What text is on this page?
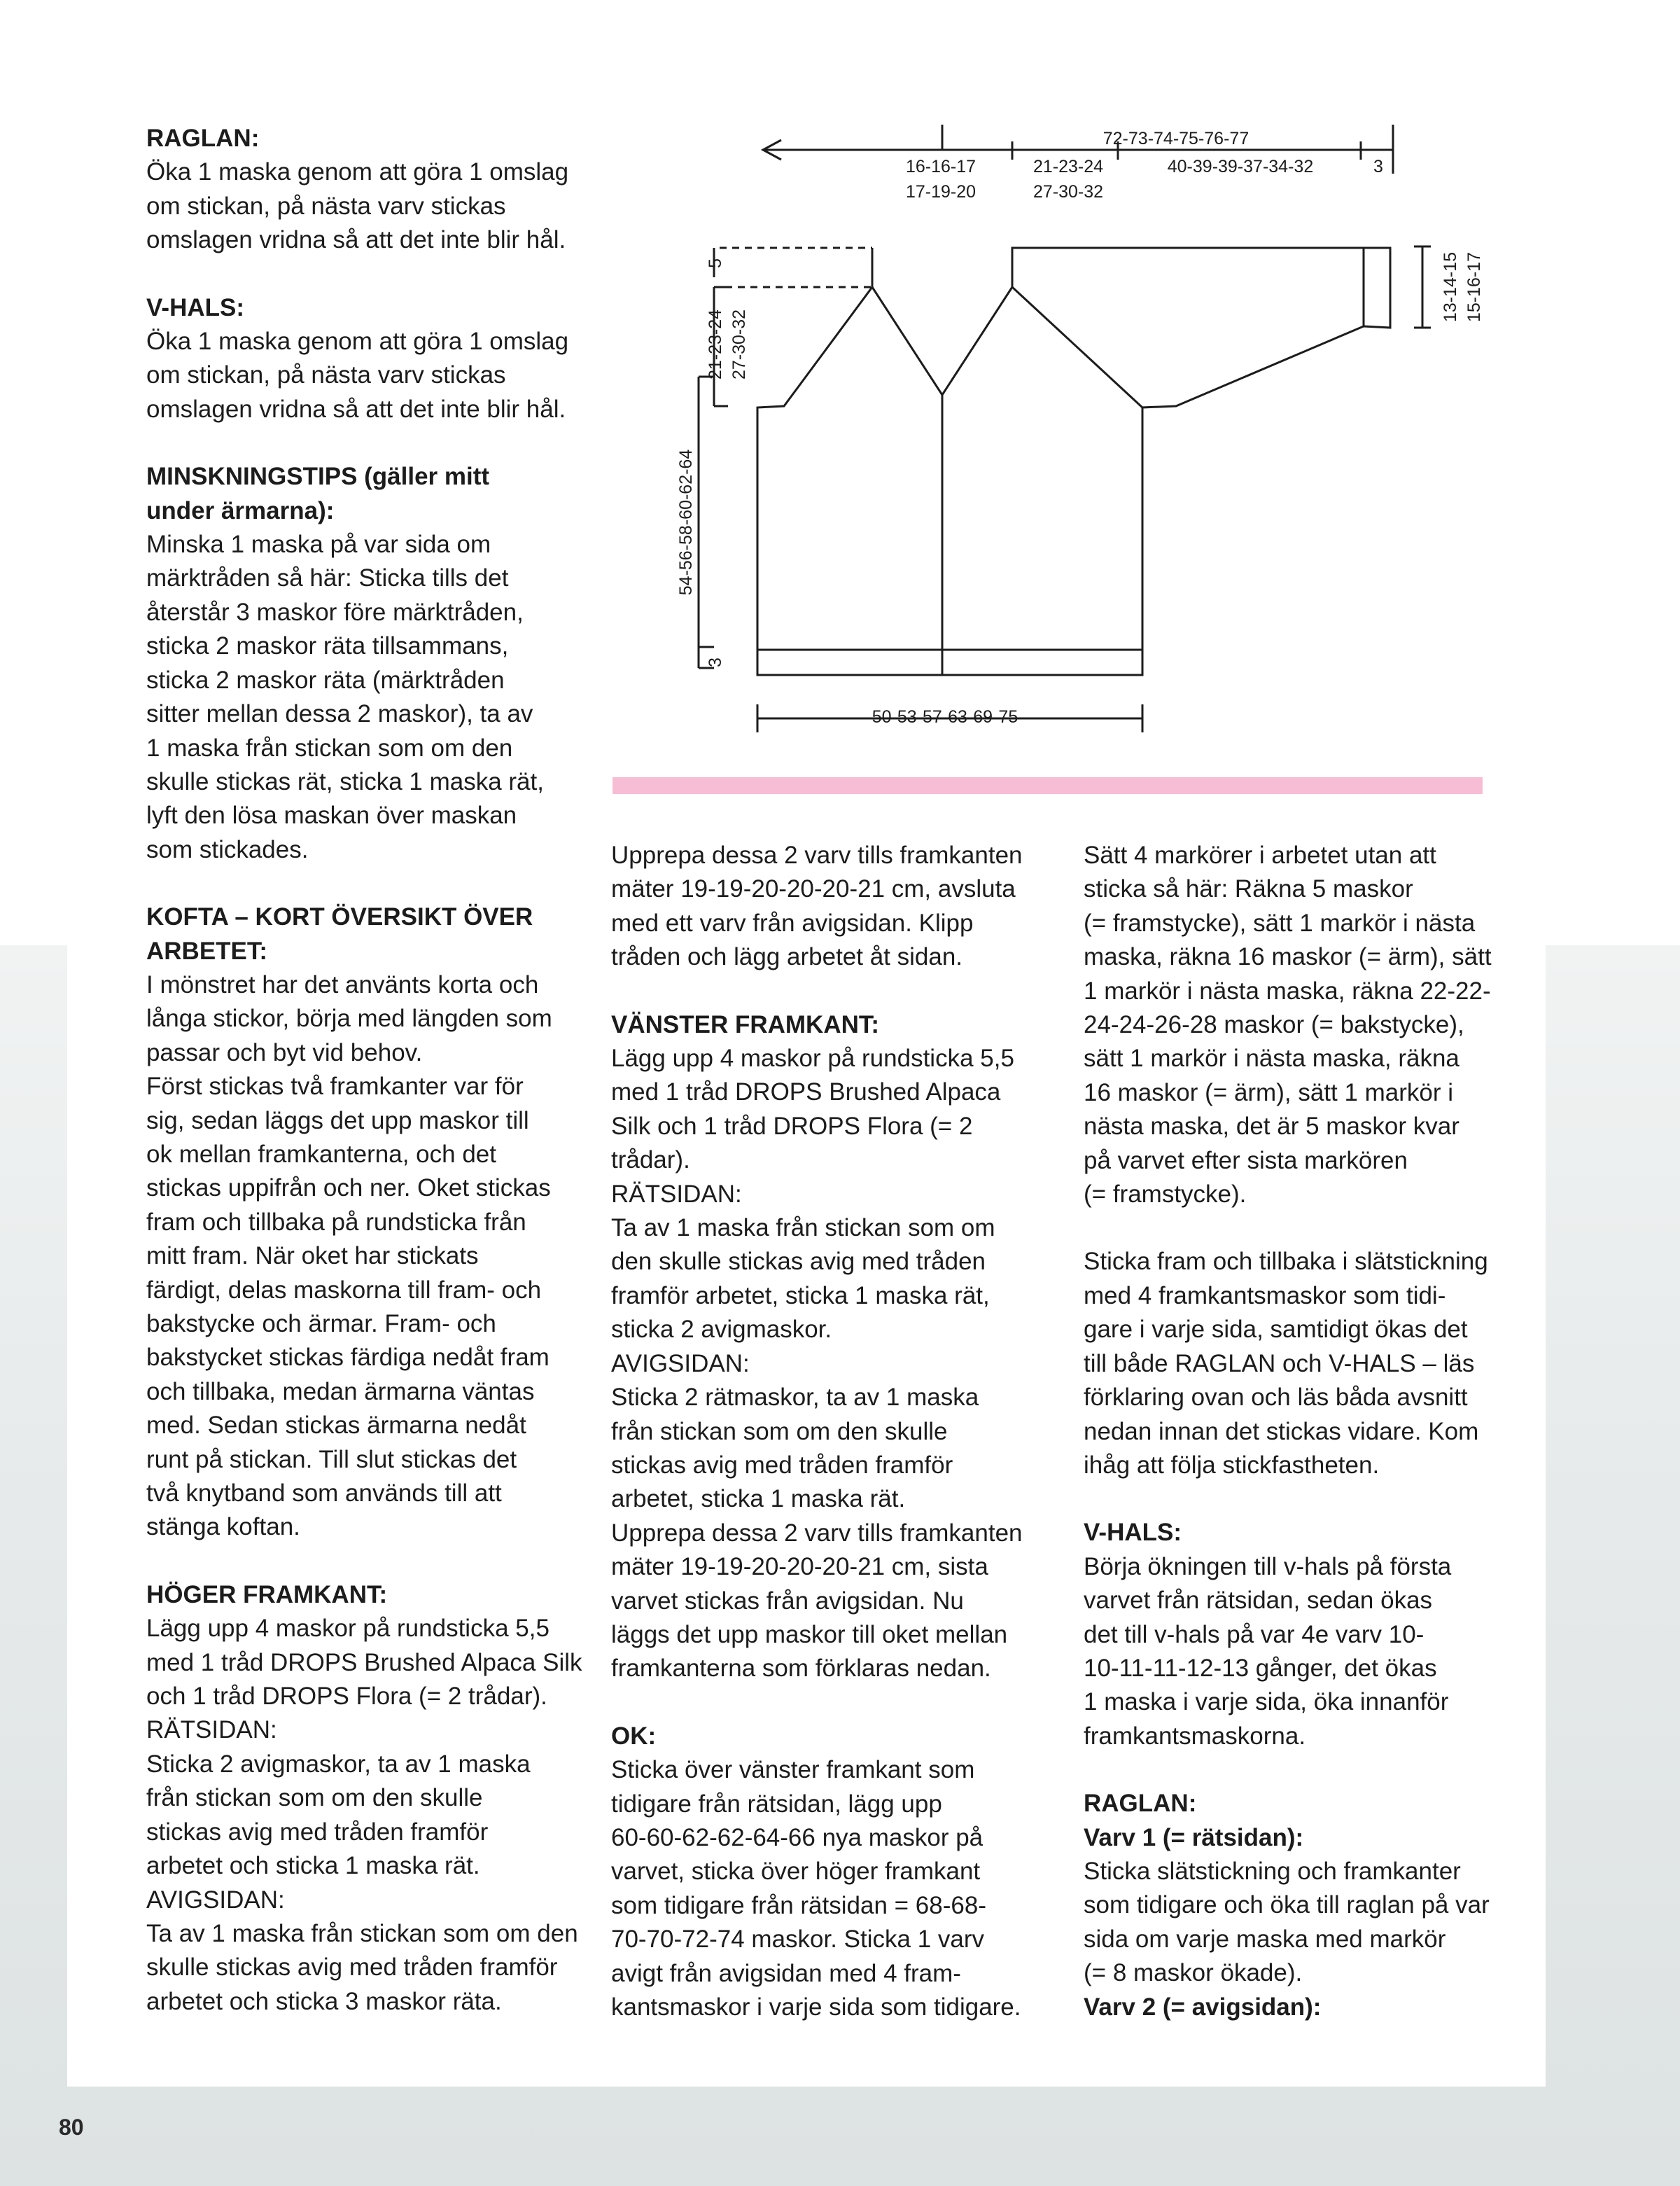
72-73-74-75-76-77
16-16-17
17-19-20
21-23-24
27-30-32
40-39-39-37-34-32	3
54-56-58-60-62-64
5
21-23-24 27-30-32
3
13-14-15 15-16-17
50-53-57-63-69-75
RAGLAN:
Öka 1 maska genom att göra 1 omslag
om stickan, på nästa varv stickas
omslagen vridna så att det inte blir hål.
V-HALS:
Öka 1 maska genom att göra 1 omslag
om stickan, på nästa varv stickas
omslagen vridna så att det inte blir hål.
MINSKNINGSTIPS (gäller mitt
under ärmarna):
Minska 1 maska på var sida om
märktråden så här: Sticka tills det
återstår 3 maskor före märktråden,
sticka 2 maskor räta tillsammans,
sticka 2 maskor räta (märktråden
sitter mellan dessa 2 maskor), ta av
1 maska från stickan som om den
skulle stickas rät, sticka 1 maska rät,
lyft den lösa maskan över maskan
som stickades.
KOFTA – KORT ÖVERSIKT ÖVER
ARBETET:
I mönstret har det använts korta och
långa stickor, börja med längden som
passar och byt vid behov.
Först stickas två framkanter var för
sig, sedan läggs det upp maskor till
ok mellan framkanterna, och det
stickas uppifrån och ner. Oket stickas
fram och tillbaka på rundsticka från
mitt fram. När oket har stickats
färdigt, delas maskorna till fram- och
bakstycke och ärmar. Fram- och
bakstycket stickas färdiga nedåt fram
och tillbaka, medan ärmarna väntas
med. Sedan stickas ärmarna nedåt
runt på stickan. Till slut stickas det
två knytband som används till att
stänga koftan.
HÖGER FRAMKANT:
Lägg upp 4 maskor på rundsticka 5,5
med 1 tråd DROPS Brushed Alpaca Silk
och 1 tråd DROPS Flora (= 2 trådar).
RÄTSIDAN:
Sticka 2 avigmaskor, ta av 1 maska
från stickan som om den skulle
stickas avig med tråden framför
arbetet och sticka 1 maska rät.
AVIGSIDAN:
Ta av 1 maska från stickan som om den
skulle stickas avig med tråden framför
arbetet och sticka 3 maskor räta.
Upprepa dessa 2 varv tills framkanten
mäter 19-19-20-20-20-21 cm, avsluta
med ett varv från avigsidan. Klipp
tråden och lägg arbetet åt sidan.
VÄNSTER FRAMKANT:
Lägg upp 4 maskor på rundsticka 5,5
med 1 tråd DROPS Brushed Alpaca
Silk och 1 tråd DROPS Flora (= 2
trådar).
RÄTSIDAN:
Ta av 1 maska från stickan som om
den skulle stickas avig med tråden
framför arbetet, sticka 1 maska rät,
sticka 2 avigmaskor.
AVIGSIDAN:
Sticka 2 rätmaskor, ta av 1 maska
från stickan som om den skulle
stickas avig med tråden framför
arbetet, sticka 1 maska rät.
Upprepa dessa 2 varv tills framkanten
mäter 19-19-20-20-20-21 cm, sista
varvet stickas från avigsidan. Nu
läggs det upp maskor till oket mellan
framkanterna som förklaras nedan.
OK:
Sticka över vänster framkant som
tidigare från rätsidan, lägg upp
60-60-62-62-64-66 nya maskor på
varvet, sticka över höger framkant
som tidigare från rätsidan = 68-68-
70-70-72-74 maskor. Sticka 1 varv
avigt från avigsidan med 4 fram-
kantsmaskor i varje sida som tidigare.
Sätt 4 markörer i arbetet utan att
sticka så här: Räkna 5 maskor
(= framstycke), sätt 1 markör i nästa
maska, räkna 16 maskor (= ärm), sätt
1 markör i nästa maska, räkna 22-22-
24-24-26-28 maskor (= bakstycke),
sätt 1 markör i nästa maska, räkna
16 maskor (= ärm), sätt 1 markör i
nästa maska, det är 5 maskor kvar
på varvet efter sista markören
(= framstycke).
Sticka fram och tillbaka i slätstickning
med 4 framkantsmaskor som tidi-
gare i varje sida, samtidigt ökas det
till både RAGLAN och V-HALS – läs
förklaring ovan och läs båda avsnitt
nedan innan det stickas vidare. Kom
ihåg att följa stickfastheten.
V-HALS:
Börja ökningen till v-hals på första
varvet från rätsidan, sedan ökas
det till v-hals på var 4e varv 10-
10-11-11-12-13 gånger, det ökas
1 maska i varje sida, öka innanför
framkantsmaskorna.
RAGLAN:
Varv 1 (= rätsidan):
Sticka slätstickning och framkanter
som tidigare och öka till raglan på var
sida om varje maska med markör
(= 8 maskor ökade).
Varv 2 (= avigsidan):
80
